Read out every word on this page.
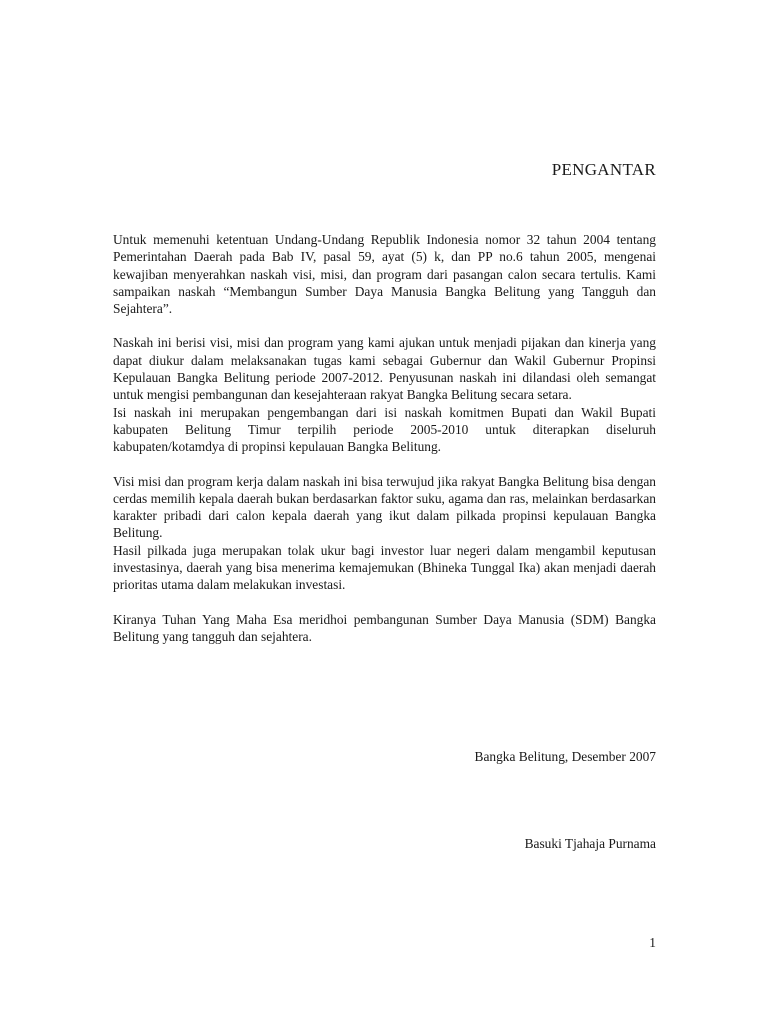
PENGANTAR

Untuk memenuhi ketentuan Undang-Undang Republik Indonesia nomor 32 tahun 2004 tentang Pemerintahan Daerah pada Bab IV, pasal 59, ayat (5) k, dan PP no.6 tahun 2005, mengenai kewajiban menyerahkan naskah visi, misi, dan program dari pasangan calon secara tertulis. Kami sampaikan naskah “Membangun Sumber Daya Manusia Bangka Belitung yang Tangguh dan Sejahtera”.

Naskah ini berisi visi, misi dan program yang kami ajukan untuk menjadi pijakan dan kinerja yang dapat diukur dalam melaksanakan tugas kami sebagai Gubernur dan Wakil Gubernur Propinsi Kepulauan Bangka Belitung periode 2007-2012. Penyusunan naskah ini dilandasi oleh semangat untuk mengisi pembangunan dan kesejahteraan rakyat Bangka Belitung secara setara.

Isi naskah ini merupakan pengembangan dari isi naskah komitmen Bupati dan Wakil Bupati kabupaten Belitung Timur terpilih periode 2005-2010 untuk diterapkan diseluruh kabupaten/kotamdya di propinsi kepulauan Bangka Belitung.

Visi misi dan program kerja dalam naskah ini bisa terwujud jika rakyat Bangka Belitung bisa dengan cerdas memilih kepala daerah bukan berdasarkan faktor suku, agama dan ras, melainkan berdasarkan karakter pribadi dari calon kepala daerah yang ikut dalam pilkada propinsi kepulauan Bangka Belitung.

Hasil pilkada juga merupakan tolak ukur bagi investor luar negeri dalam mengambil keputusan investasinya, daerah yang bisa menerima kemajemukan (Bhineka Tunggal Ika) akan menjadi daerah prioritas utama dalam melakukan investasi.

Kiranya Tuhan Yang Maha Esa meridhoi pembangunan Sumber Daya Manusia (SDM) Bangka Belitung yang tangguh dan sejahtera.

Bangka Belitung, Desember 2007

Basuki Tjahaja Purnama

1
